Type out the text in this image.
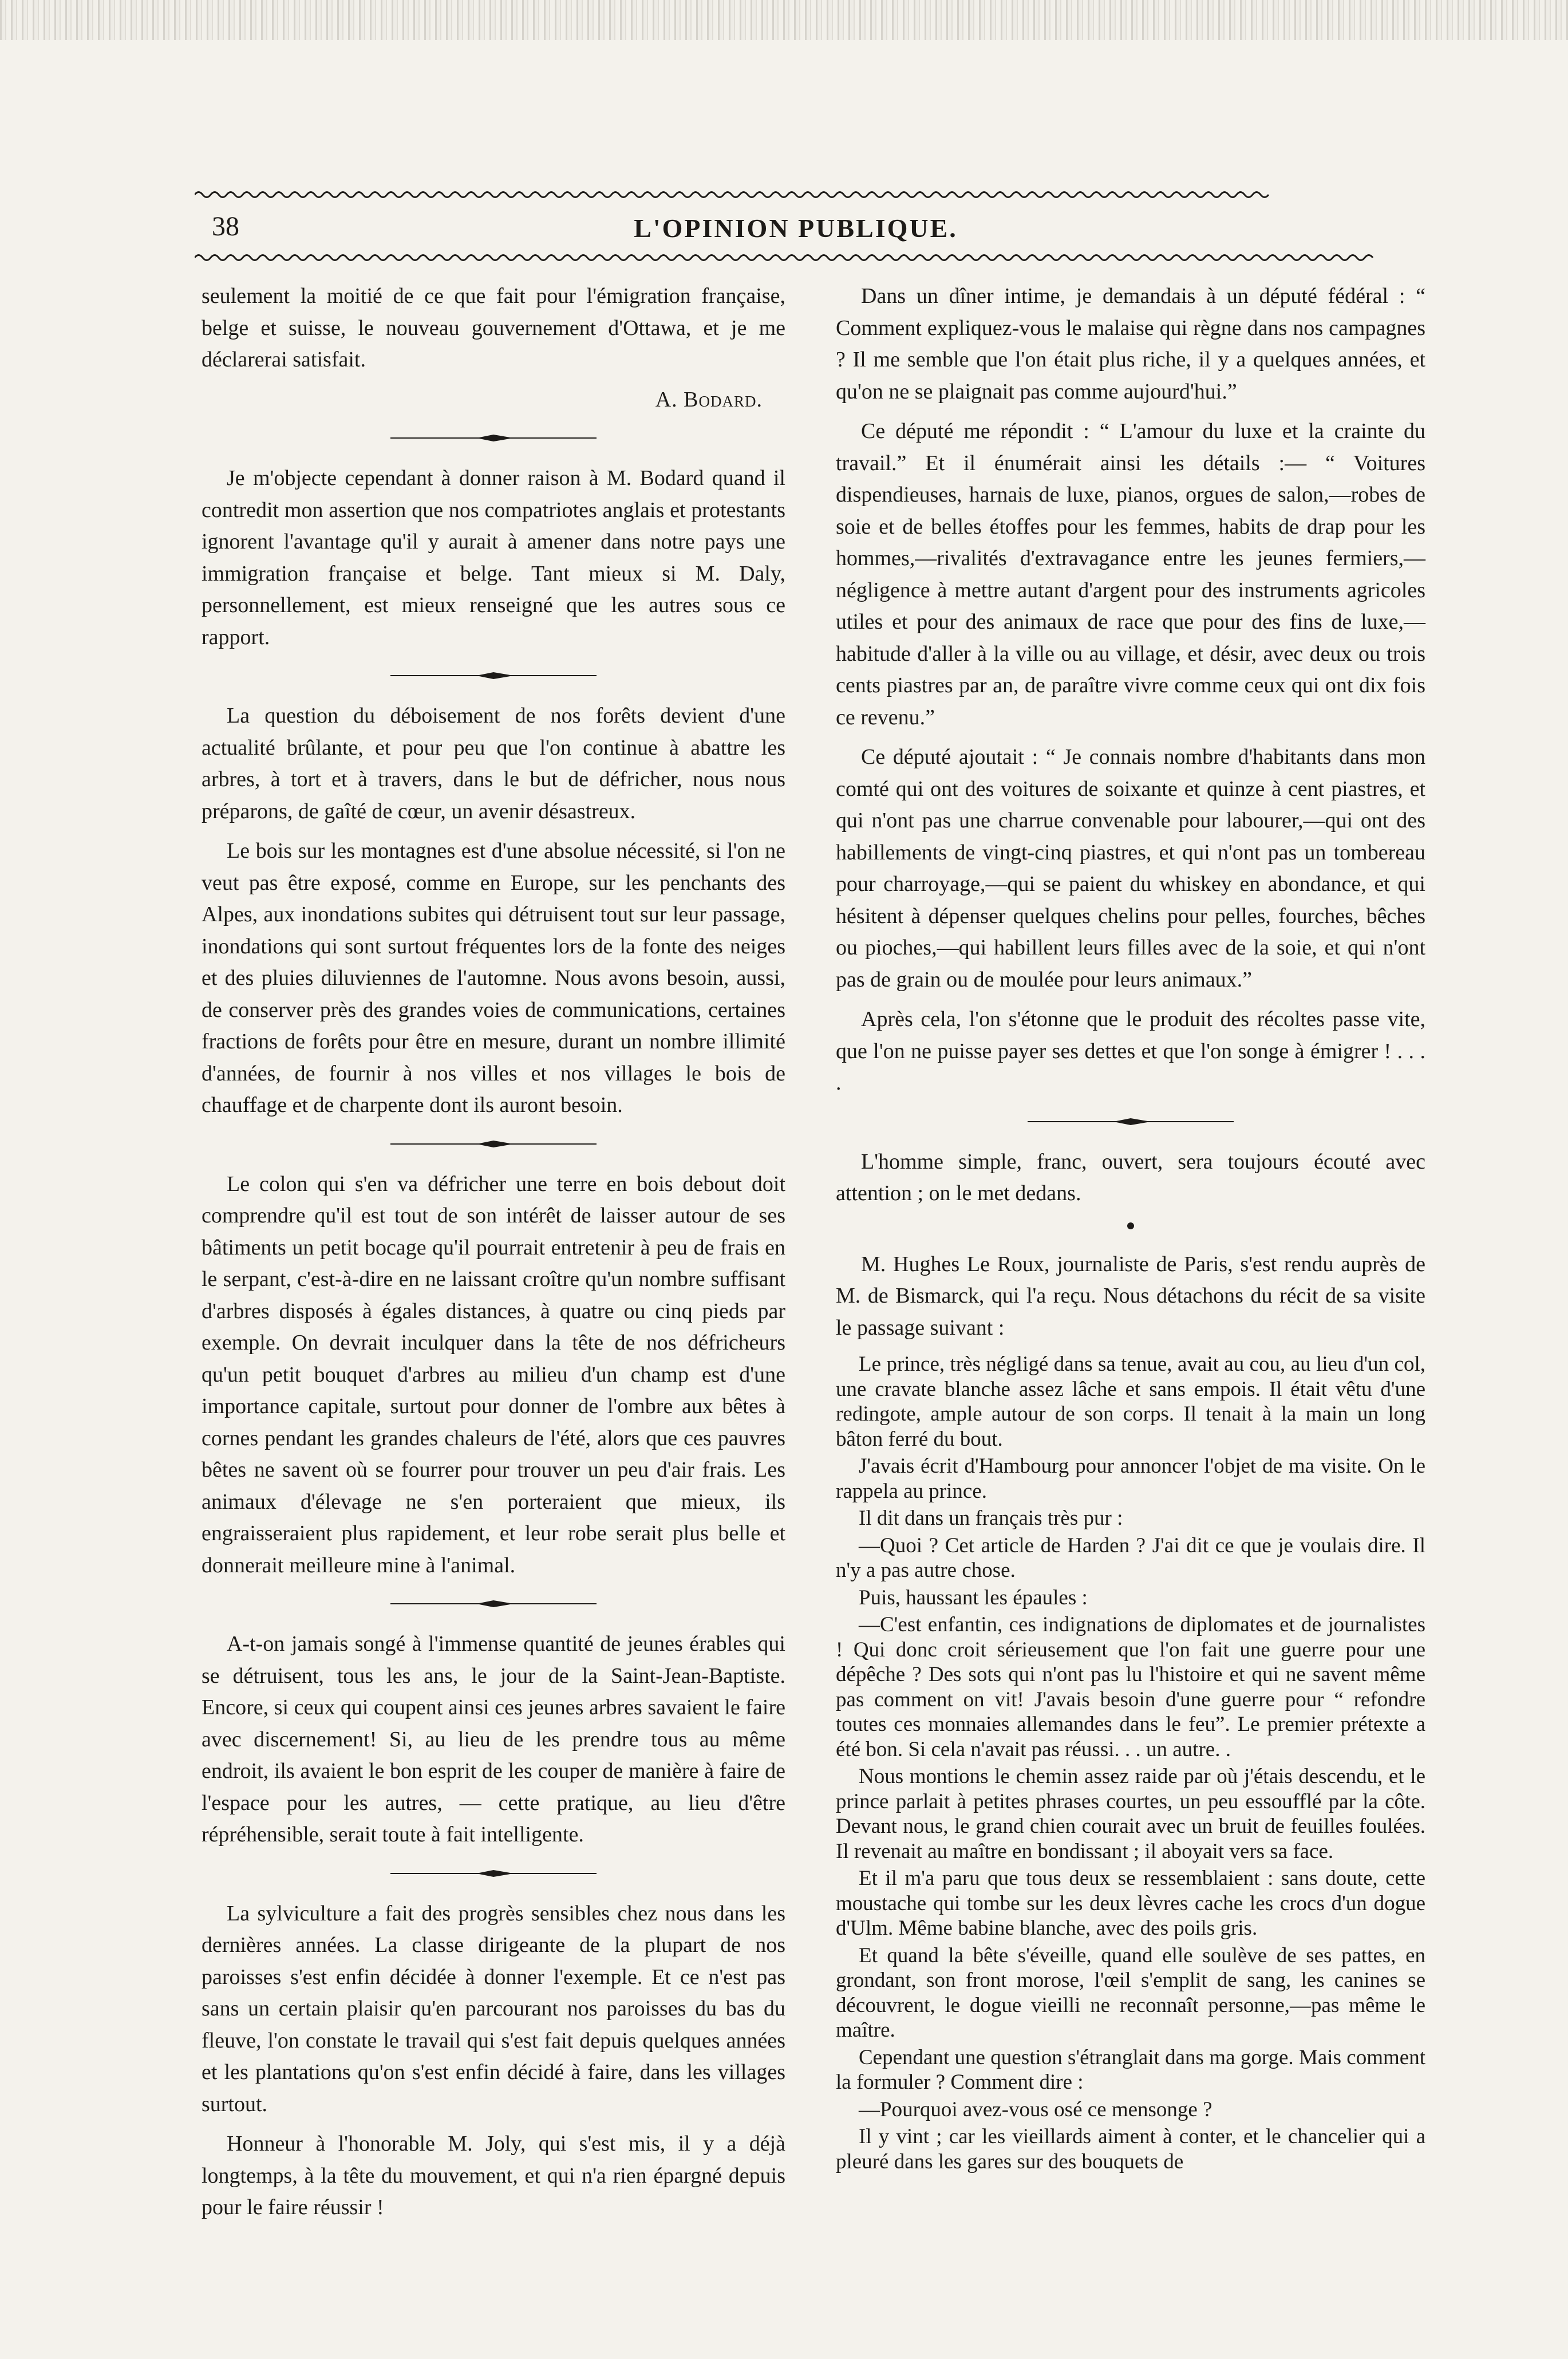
38	L'OPINION PUBLIQUE.

seulement la moitié de ce que fait pour l'émigration française, belge et suisse, le nouveau gouvernement d'Ottawa, et je me déclarerai satisfait.

A. Bodard.

Je m'objecte cependant à donner raison à M. Bodard quand il contredit mon assertion que nos compatriotes anglais et protestants ignorent l'avantage qu'il y aurait à amener dans notre pays une immigration française et belge. Tant mieux si M. Daly, personnellement, est mieux renseigné que les autres sous ce rapport.

La question du déboisement de nos forêts devient d'une actualité brûlante, et pour peu que l'on continue à abattre les arbres, à tort et à travers, dans le but de défricher, nous nous préparons, de gaîté de cœur, un avenir désastreux.

Le bois sur les montagnes est d'une absolue nécessité, si l'on ne veut pas être exposé, comme en Europe, sur les penchants des Alpes, aux inondations subites qui détruisent tout sur leur passage, inondations qui sont surtout fréquentes lors de la fonte des neiges et des pluies diluviennes de l'automne. Nous avons besoin, aussi, de conserver près des grandes voies de communications, certaines fractions de forêts pour être en mesure, durant un nombre illimité d'années, de fournir à nos villes et nos villages le bois de chauffage et de charpente dont ils auront besoin.

Le colon qui s'en va défricher une terre en bois debout doit comprendre qu'il est tout de son intérêt de laisser autour de ses bâtiments un petit bocage qu'il pourrait entretenir à peu de frais en le serpant, c'est-à-dire en ne laissant croître qu'un nombre suffisant d'arbres disposés à égales distances, à quatre ou cinq pieds par exemple. On devrait inculquer dans la tête de nos défricheurs qu'un petit bouquet d'arbres au milieu d'un champ est d'une importance capitale, surtout pour donner de l'ombre aux bêtes à cornes pendant les grandes chaleurs de l'été, alors que ces pauvres bêtes ne savent où se fourrer pour trouver un peu d'air frais. Les animaux d'élevage ne s'en porteraient que mieux, ils engraisseraient plus rapidement, et leur robe serait plus belle et donnerait meilleure mine à l'animal.

A-t-on jamais songé à l'immense quantité de jeunes érables qui se détruisent, tous les ans, le jour de la Saint-Jean-Baptiste. Encore, si ceux qui coupent ainsi ces jeunes arbres savaient le faire avec discernement! Si, au lieu de les prendre tous au même endroit, ils avaient le bon esprit de les couper de manière à faire de l'espace pour les autres, — cette pratique, au lieu d'être répréhensible, serait toute à fait intelligente.

La sylviculture a fait des progrès sensibles chez nous dans les dernières années. La classe dirigeante de la plupart de nos paroisses s'est enfin décidée à donner l'exemple. Et ce n'est pas sans un certain plaisir qu'en parcourant nos paroisses du bas du fleuve, l'on constate le travail qui s'est fait depuis quelques années et les plantations qu'on s'est enfin décidé à faire, dans les villages surtout.

Honneur à l'honorable M. Joly, qui s'est mis, il y a déjà longtemps, à la tête du mouvement, et qui n'a rien épargné depuis pour le faire réussir !

Dans un dîner intime, je demandais à un député fédéral : “ Comment expliquez-vous le malaise qui règne dans nos campagnes ? Il me semble que l'on était plus riche, il y a quelques années, et qu'on ne se plaignait pas comme aujourd'hui.”

Ce député me répondit : “ L'amour du luxe et la crainte du travail.” Et il énumérait ainsi les détails :— “ Voitures dispendieuses, harnais de luxe, pianos, orgues de salon,—robes de soie et de belles étoffes pour les femmes, habits de drap pour les hommes,—rivalités d'extravagance entre les jeunes fermiers,—négligence à mettre autant d'argent pour des instruments agricoles utiles et pour des animaux de race que pour des fins de luxe,—habitude d'aller à la ville ou au village, et désir, avec deux ou trois cents piastres par an, de paraître vivre comme ceux qui ont dix fois ce revenu.”

Ce député ajoutait : “ Je connais nombre d'habitants dans mon comté qui ont des voitures de soixante et quinze à cent piastres, et qui n'ont pas une charrue convenable pour labourer,—qui ont des habillements de vingt-cinq piastres, et qui n'ont pas un tombereau pour charroyage,—qui se paient du whiskey en abondance, et qui hésitent à dépenser quelques chelins pour pelles, fourches, bêches ou pioches,—qui habillent leurs filles avec de la soie, et qui n'ont pas de grain ou de moulée pour leurs animaux.”

Après cela, l'on s'étonne que le produit des récoltes passe vite, que l'on ne puisse payer ses dettes et que l'on songe à émigrer ! . . . .

L'homme simple, franc, ouvert, sera toujours écouté avec attention ; on le met dedans.

M. Hughes Le Roux, journaliste de Paris, s'est rendu auprès de M. de Bismarck, qui l'a reçu. Nous détachons du récit de sa visite le passage suivant :

Le prince, très négligé dans sa tenue, avait au cou, au lieu d'un col, une cravate blanche assez lâche et sans empois. Il était vêtu d'une redingote, ample autour de son corps. Il tenait à la main un long bâton ferré du bout.

J'avais écrit d'Hambourg pour annoncer l'objet de ma visite. On le rappela au prince.

Il dit dans un français très pur :

—Quoi ? Cet article de Harden ? J'ai dit ce que je voulais dire. Il n'y a pas autre chose.

Puis, haussant les épaules :

—C'est enfantin, ces indignations de diplomates et de journalistes ! Qui donc croit sérieusement que l'on fait une guerre pour une dépêche ? Des sots qui n'ont pas lu l'histoire et qui ne savent même pas comment on vit! J'avais besoin d'une guerre pour “ refondre toutes ces monnaies allemandes dans le feu”. Le premier prétexte a été bon. Si cela n'avait pas réussi. . . un autre. .

Nous montions le chemin assez raide par où j'étais descendu, et le prince parlait à petites phrases courtes, un peu essoufflé par la côte. Devant nous, le grand chien courait avec un bruit de feuilles foulées. Il revenait au maître en bondissant ; il aboyait vers sa face.

Et il m'a paru que tous deux se ressemblaient : sans doute, cette moustache qui tombe sur les deux lèvres cache les crocs d'un dogue d'Ulm. Même babine blanche, avec des poils gris.

Et quand la bête s'éveille, quand elle soulève de ses pattes, en grondant, son front morose, l'œil s'emplit de sang, les canines se découvrent, le dogue vieilli ne reconnaît personne,—pas même le maître.

Cependant une question s'étranglait dans ma gorge. Mais comment la formuler ? Comment dire :

—Pourquoi avez-vous osé ce mensonge ?

Il y vint ; car les vieillards aiment à conter, et le chancelier qui a pleuré dans les gares sur des bouquets de
